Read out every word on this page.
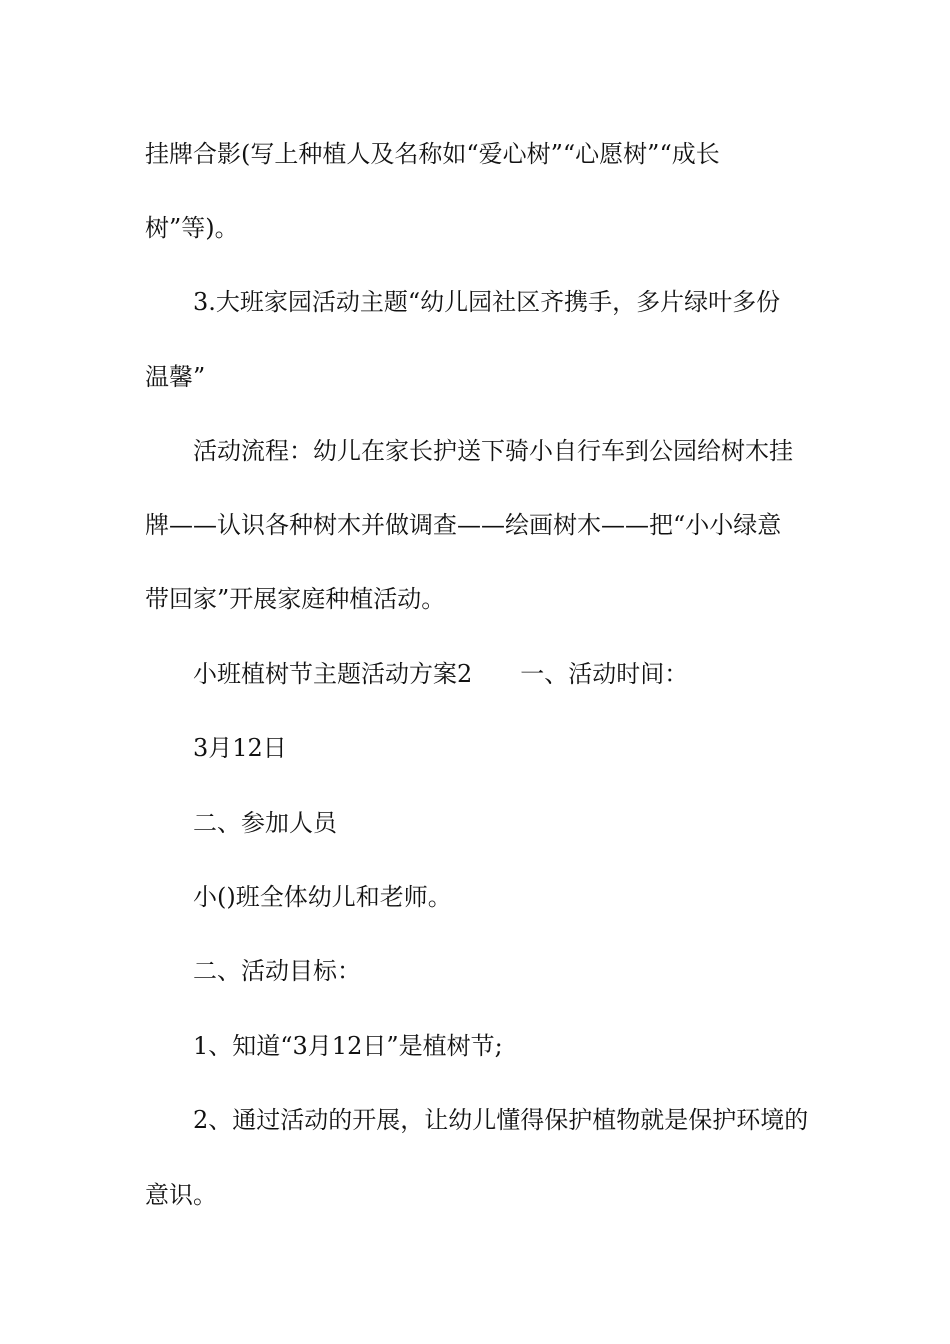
挂牌合影(写上种植人及名称如“爱心树”“心愿树”“成长
树”等)。
3.大班家园活动主题“幼儿园社区齐携手，多片绿叶多份
温馨”
活动流程：幼儿在家长护送下骑小自行车到公园给树木挂
牌——认识各种树木并做调查——绘画树木——把“小小绿意
带回家”开展家庭种植活动。
小班植树节主题活动方案2 一、活动时间：
3月12日
二、参加人员
小()班全体幼儿和老师。
二、活动目标：
1、知道“3月12日”是植树节;
2、通过活动的开展，让幼儿懂得保护植物就是保护环境的
意识。
